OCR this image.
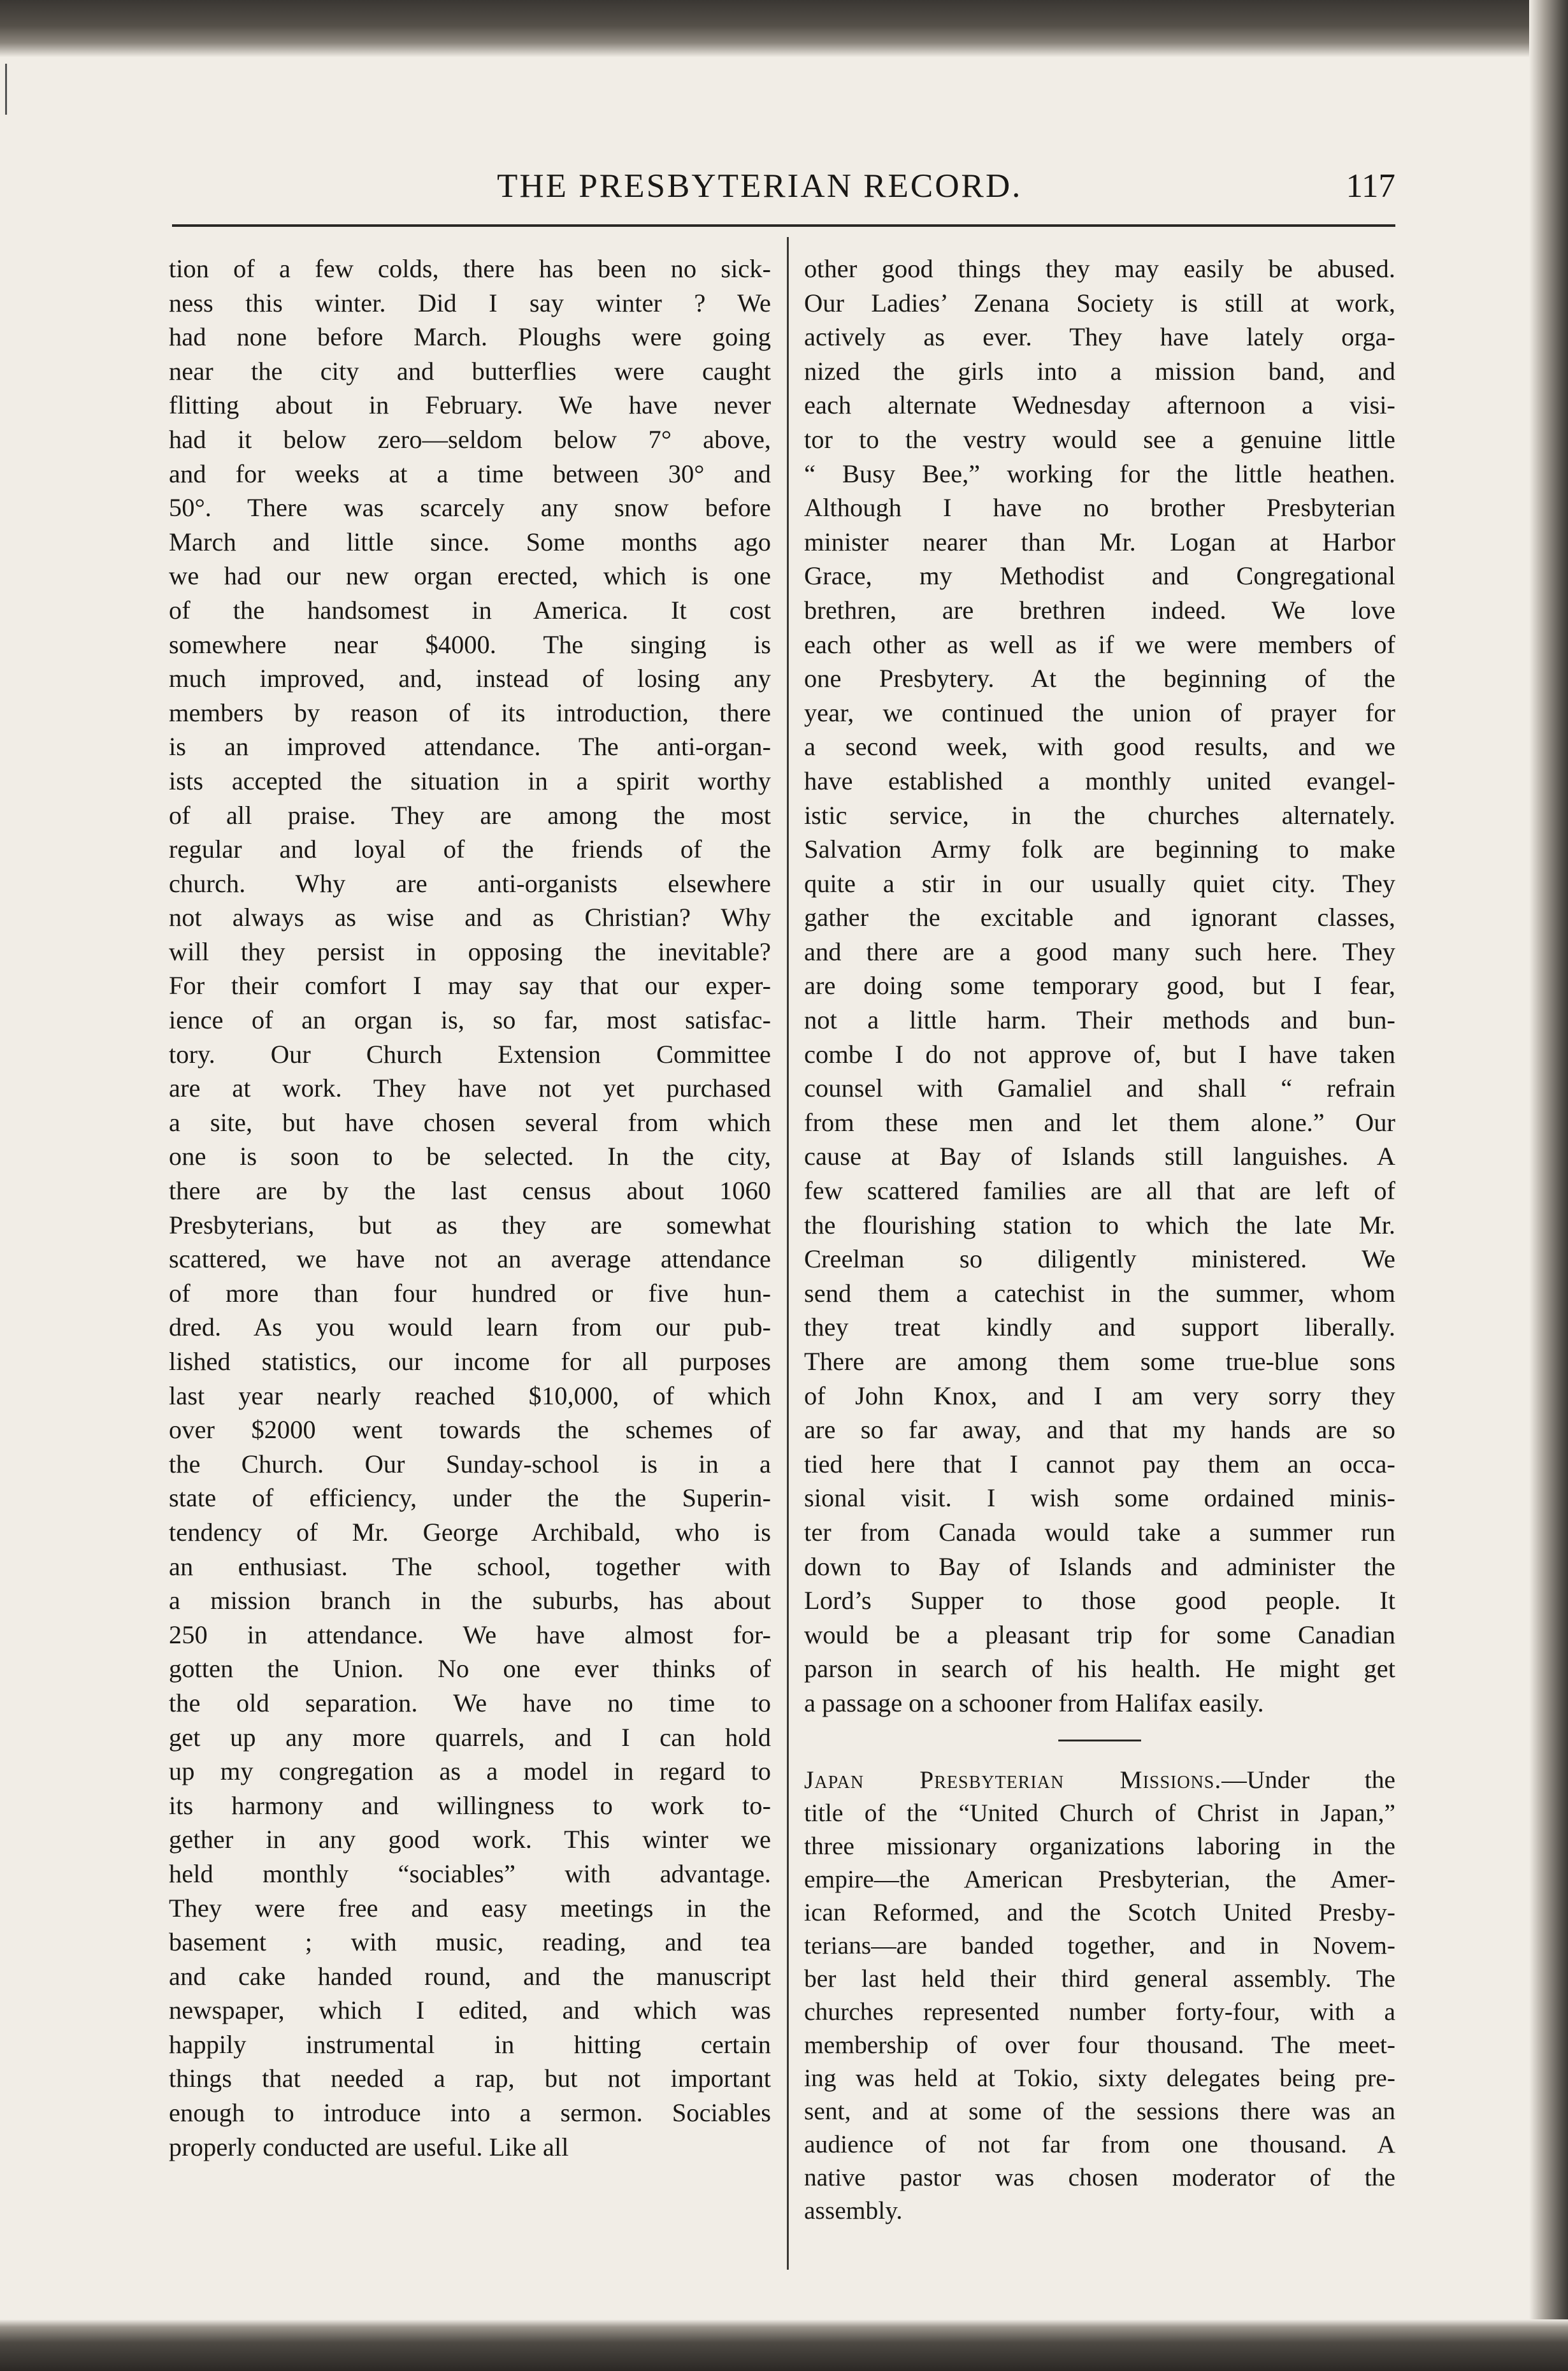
THE PRESBYTERIAN RECORD.	117
tion of a few colds, there has been no sick-
ness this winter. Did I say winter ? We
had none before March. Ploughs were going
near the city and butterflies were caught
flitting about in February. We have never
had it below zero—seldom below 7° above,
and for weeks at a time between 30° and
50°. There was scarcely any snow before
March and little since. Some months ago
we had our new organ erected, which is one
of the handsomest in America. It cost
somewhere near $4000. The singing is
much improved, and, instead of losing any
members by reason of its introduction, there
is an improved attendance. The anti-organ-
ists accepted the situation in a spirit worthy
of all praise. They are among the most
regular and loyal of the friends of the
church. Why are anti-organists elsewhere
not always as wise and as Christian? Why
will they persist in opposing the inevitable?
For their comfort I may say that our exper-
ience of an organ is, so far, most satisfac-
tory. Our Church Extension Committee
are at work. They have not yet purchased
a site, but have chosen several from which
one is soon to be selected. In the city,
there are by the last census about 1060
Presbyterians, but as they are somewhat
scattered, we have not an average attendance
of more than four hundred or five hun-
dred. As you would learn from our pub-
lished statistics, our income for all purposes
last year nearly reached $10,000, of which
over $2000 went towards the schemes of
the Church. Our Sunday-school is in a
state of efficiency, under the the Superin-
tendency of Mr. George Archibald, who is
an enthusiast. The school, together with
a mission branch in the suburbs, has about
250 in attendance. We have almost for-
gotten the Union. No one ever thinks of
the old separation. We have no time to
get up any more quarrels, and I can hold
up my congregation as a model in regard to
its harmony and willingness to work to-
gether in any good work. This winter we
held monthly “sociables” with advantage.
They were free and easy meetings in the
basement ; with music, reading, and tea
and cake handed round, and the manuscript
newspaper, which I edited, and which was
happily instrumental in hitting certain
things that needed a rap, but not important
enough to introduce into a sermon. Sociables
properly conducted are useful. Like all
other good things they may easily be abused.
Our Ladies’ Zenana Society is still at work,
actively as ever. They have lately orga-
nized the girls into a mission band, and
each alternate Wednesday afternoon a visi-
tor to the vestry would see a genuine little
“ Busy Bee,” working for the little heathen.
Although I have no brother Presbyterian
minister nearer than Mr. Logan at Harbor
Grace, my Methodist and Congregational
brethren, are brethren indeed. We love
each other as well as if we were members of
one Presbytery. At the beginning of the
year, we continued the union of prayer for
a second week, with good results, and we
have established a monthly united evangel-
istic service, in the churches alternately.
Salvation Army folk are beginning to make
quite a stir in our usually quiet city. They
gather the excitable and ignorant classes,
and there are a good many such here. They
are doing some temporary good, but I fear,
not a little harm. Their methods and bun-
combe I do not approve of, but I have taken
counsel with Gamaliel and shall “ refrain
from these men and let them alone.” Our
cause at Bay of Islands still languishes. A
few scattered families are all that are left of
the flourishing station to which the late Mr.
Creelman so diligently ministered. We
send them a catechist in the summer, whom
they treat kindly and support liberally.
There are among them some true-blue sons
of John Knox, and I am very sorry they
are so far away, and that my hands are so
tied here that I cannot pay them an occa-
sional visit. I wish some ordained minis-
ter from Canada would take a summer run
down to Bay of Islands and administer the
Lord’s Supper to those good people. It
would be a pleasant trip for some Canadian
parson in search of his health. He might get
a passage on a schooner from Halifax easily.
Japan Presbyterian Missions.—Under the
title of the “United Church of Christ in Japan,”
three missionary organizations laboring in the
empire—the American Presbyterian, the Amer-
ican Reformed, and the Scotch United Presby-
terians—are banded together, and in Novem-
ber last held their third general assembly. The
churches represented number forty-four, with a
membership of over four thousand. The meet-
ing was held at Tokio, sixty delegates being pre-
sent, and at some of the sessions there was an
audience of not far from one thousand. A
native pastor was chosen moderator of the
assembly.
